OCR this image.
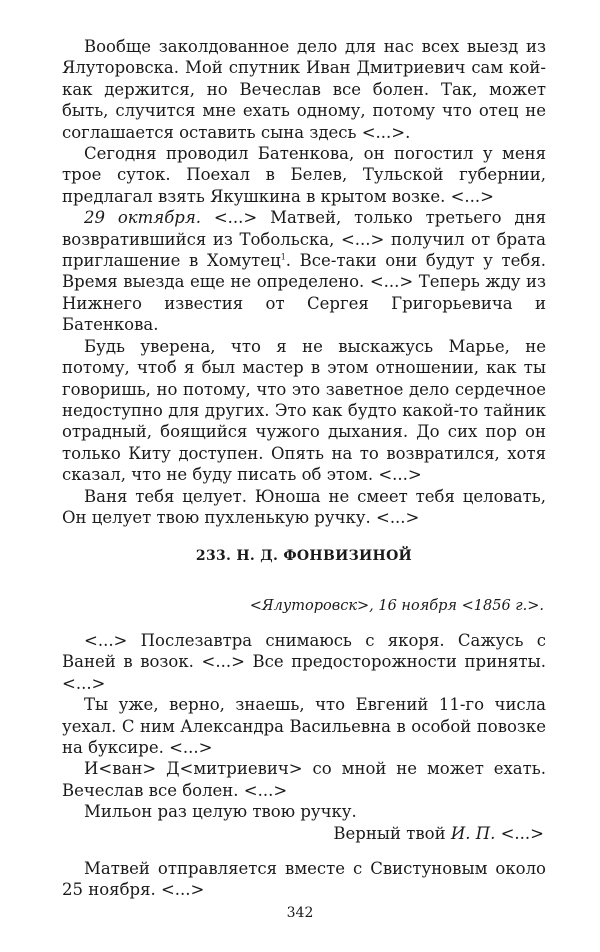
Вообще заколдованное дело для нас всех выезд из Ялуторовска. Мой спутник Иван Дмитриевич сам кой-как держится, но Вечеслав все болен. Так, может быть, случится мне ехать одному, потому что отец не соглашается оставить сына здесь <...>.

Сегодня проводил Батенкова, он погостил у меня трое суток. Поехал в Белев, Тульской губернии, предлагал взять Якушкина в крытом возке. <...>

29 октября. <...> Матвей, только третьего дня возвратившийся из Тобольска, <...> получил от брата приглашение в Хомутец$^1$. Все-таки они будут у тебя. Время выезда еще не определено. <...> Теперь жду из Нижнего известия от Сергея Григорьевича и Батенкова.

Будь уверена, что я не выскажусь Марье, не потому, чтоб я был мастер в этом отношении, как ты говоришь, но потому, что это заветное дело сердечное недоступно для других. Это как будто какой-то тайник отрадный, боящийся чужого дыхания. До сих пор он только Киту доступен. Опять на то возвратился, хотя сказал, что не буду писать об этом. <...>

Ваня тебя целует. Юноша не смеет тебя целовать, Он целует твою пухленькую ручку. <...>

233. Н. Д. ФОНВИЗИНОЙ
<Ялуторовск>, 16 ноября <1856 г.>.

<...> Послезавтра снимаюсь с якоря. Сажусь с Ваней в возок. <...> Все предосторожности приняты. <...>

Ты уже, верно, знаешь, что Евгений 11-го числа уехал. С ним Александра Васильевна в особой повозке на буксире. <...>

И<ван> Д<митриевич> со мной не может ехать. Вечеслав все болен. <...>

Мильон раз целую твою ручку.

Верный твой И. П. <...>

Матвей отправляется вместе с Свистуновым около 25 ноября. <...>

342
